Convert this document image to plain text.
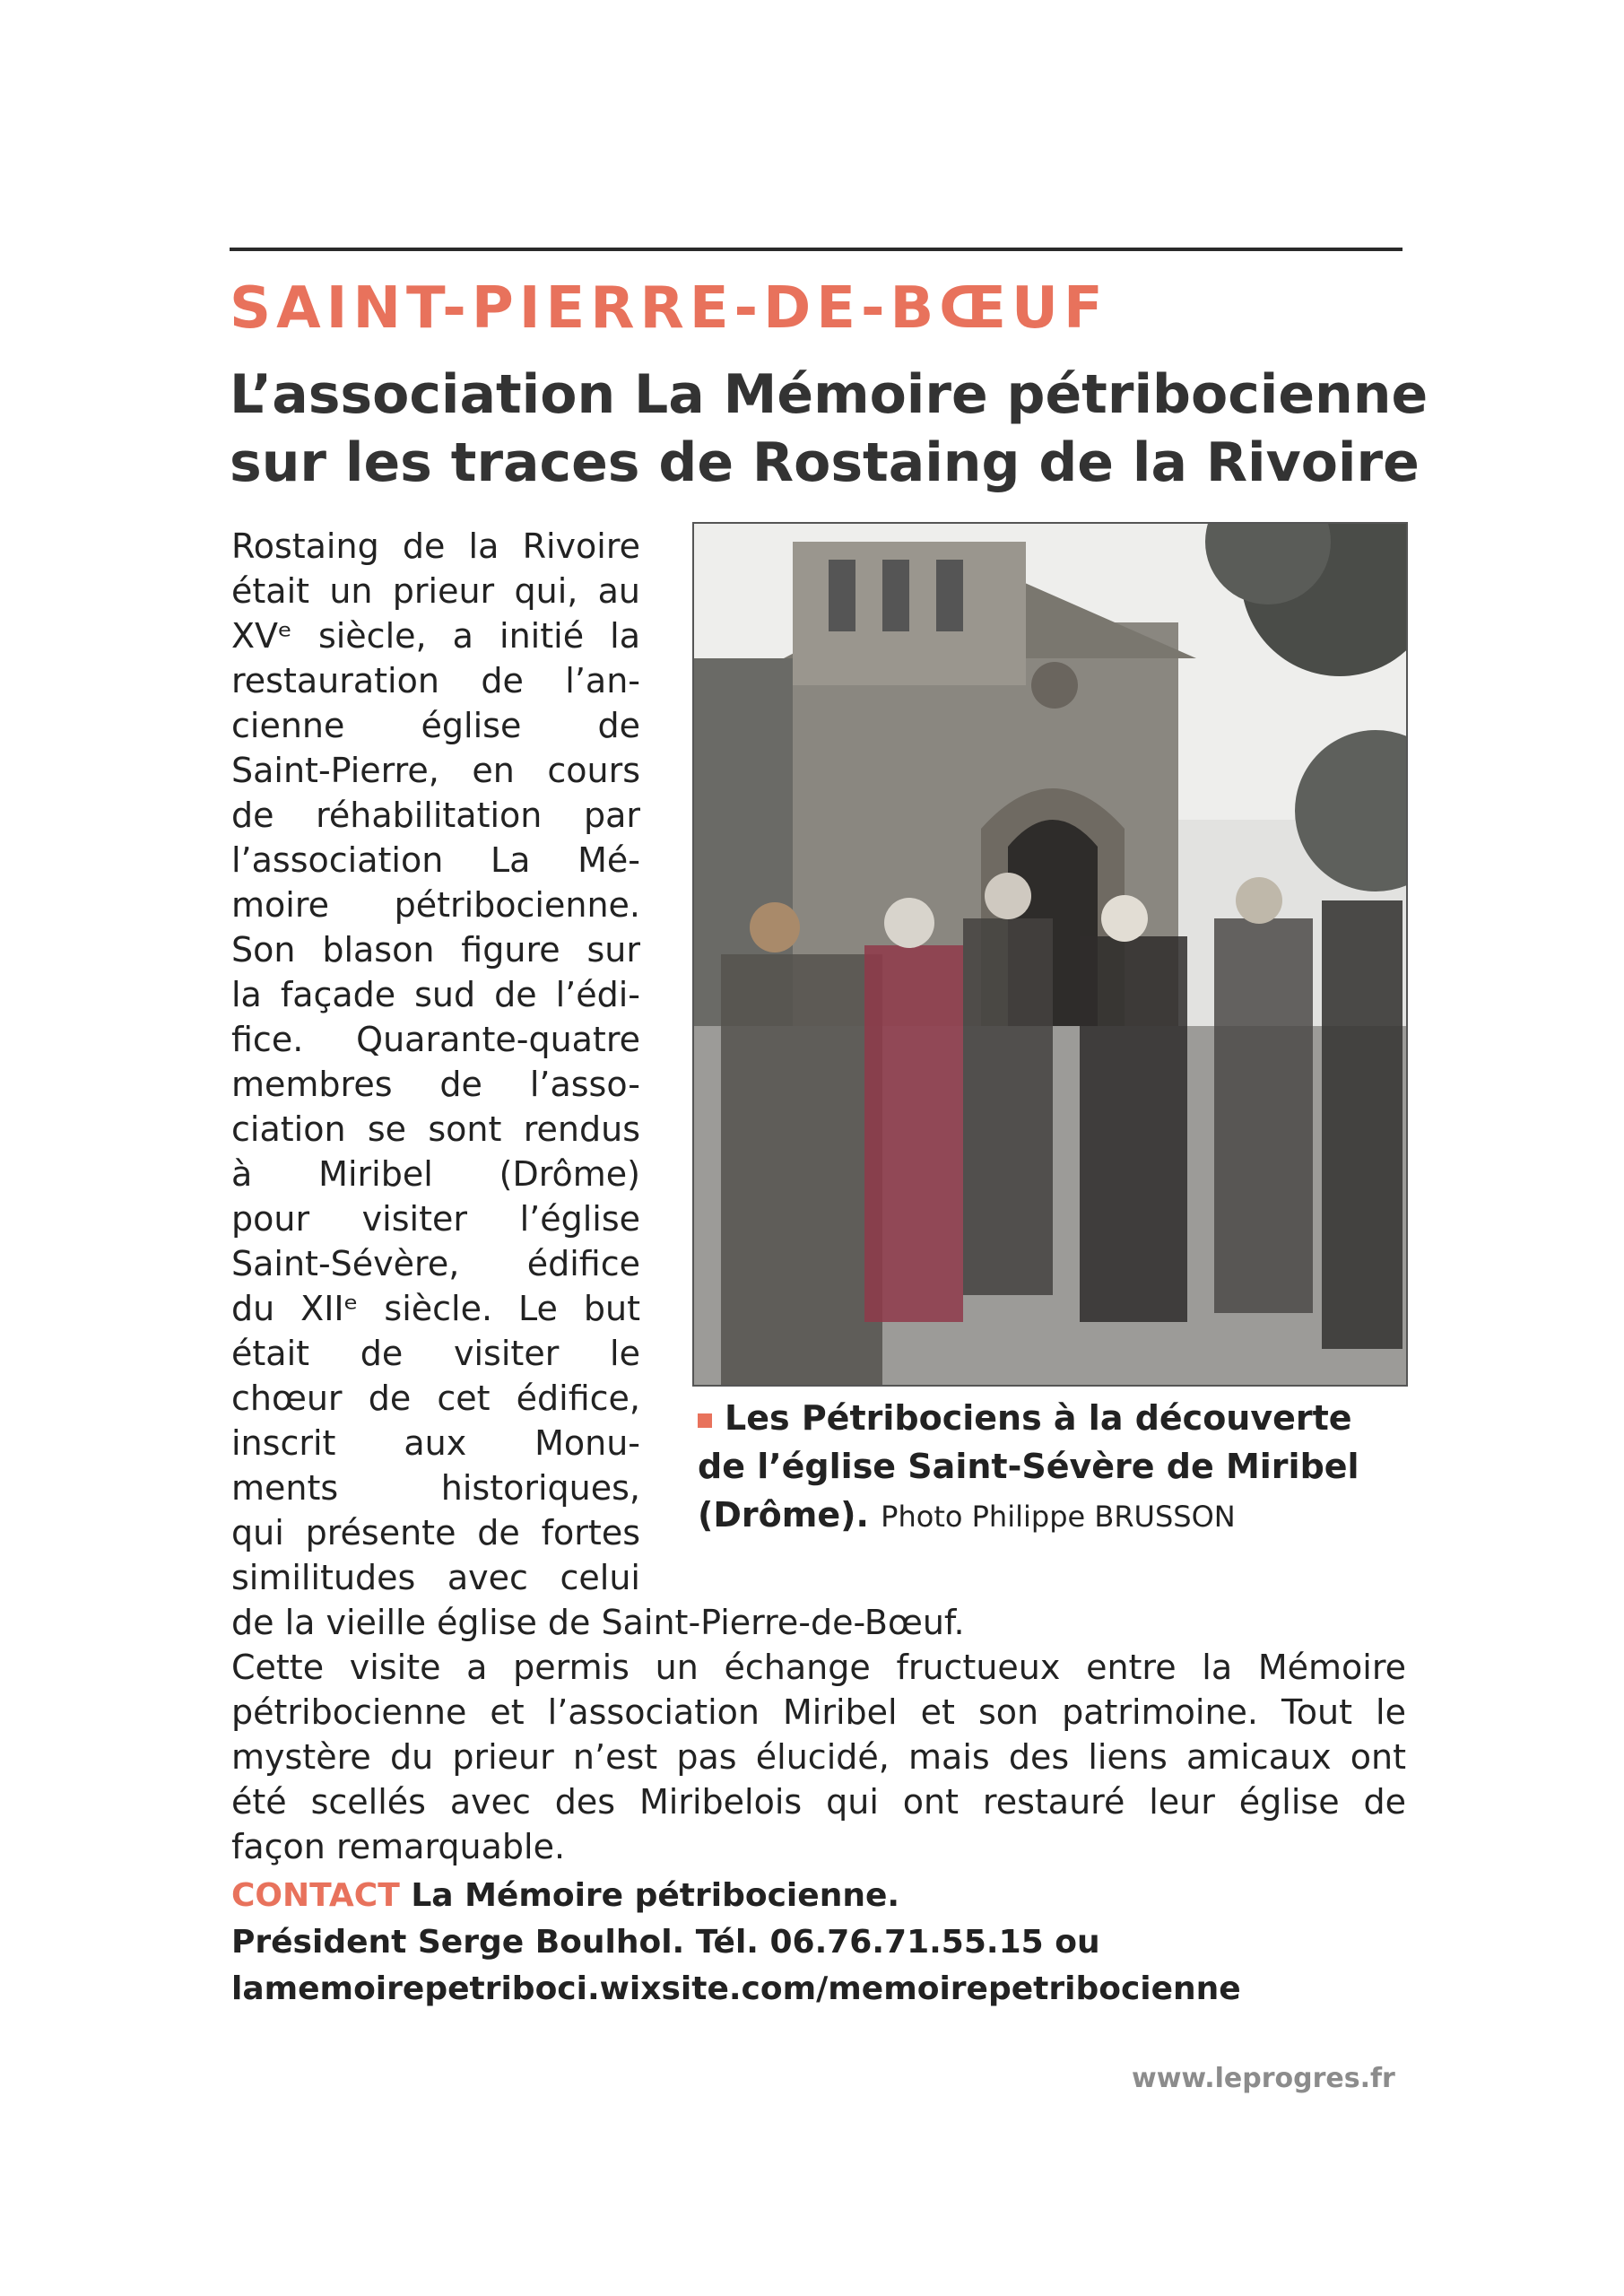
SAINT-PIERRE-DE-BŒUF
L’association La Mémoire pétribocienne
sur les traces de Rostaing de la Rivoire
Rostaing de la Rivoire
était un prieur qui, au
XVᵉ siècle, a initié la
restauration de l’an-
cienne église de
Saint-Pierre, en cours
de réhabilitation par
l’association La Mé-
moire pétribocienne.
Son blason figure sur
la façade sud de l’édi-
fice. Quarante-quatre
membres de l’asso-
ciation se sont rendus
à Miribel (Drôme)
pour visiter l’église
Saint-Sévère, édifice
du XIIᵉ siècle. Le but
était de visiter le
chœur de cet édifice,
inscrit aux Monu-
ments historiques,
qui présente de fortes
similitudes avec celui
Les Pétribociens à la découverte
de l’église Saint-Sévère de Miribel
(Drôme). Photo Philippe BRUSSON
de la vieille église de Saint-Pierre-de-Bœuf.
Cette visite a permis un échange fructueux entre la Mémoire
pétribocienne et l’association Miribel et son patrimoine. Tout le
mystère du prieur n’est pas élucidé, mais des liens amicaux ont
été scellés avec des Miribelois qui ont restauré leur église de
façon remarquable.
CONTACT La Mémoire pétribocienne.
Président Serge Boulhol. Tél. 06.76.71.55.15 ou
lamemoirepetriboci.wixsite.com/memoirepetribocienne
www.leprogres.fr
